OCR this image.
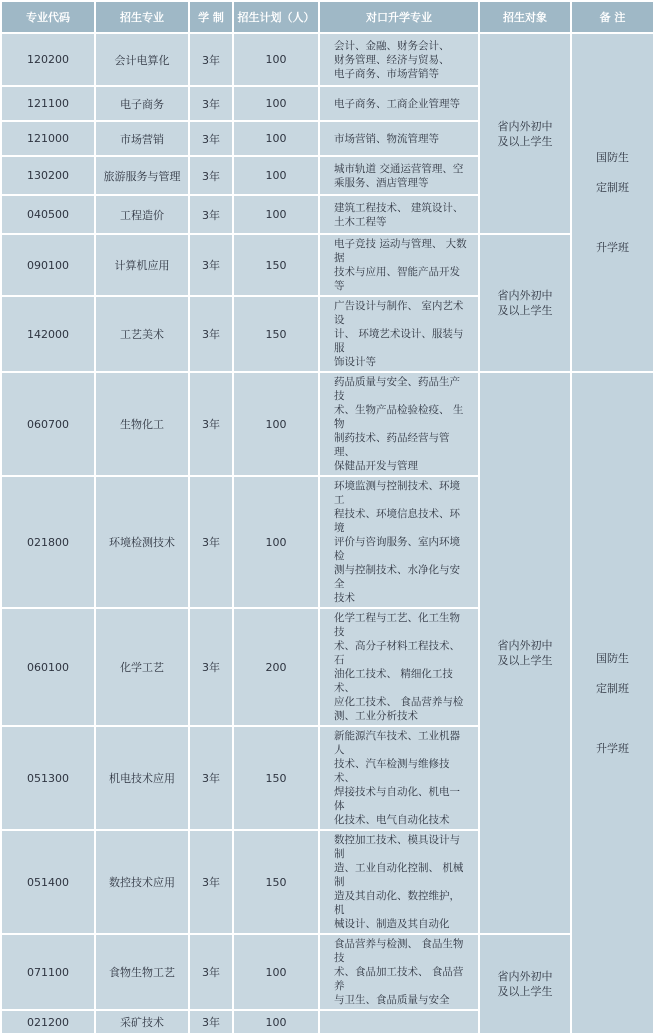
专业代码	招生专业	学 制	招生计划（人）	对口升学专业	招生对象	备 注
120200	会计电算化	3年	100	会计、金融、财务会计、
财务管理、经济与贸易、
电子商务、市场营销等	省内外初中
及以上学生	国防生

定制班

升学班

121100	电子商务	3年	100	电子商务、工商企业管理等		
121000	市场营销	3年	100	市场营销、物流管理等		
130200	旅游服务与管理	3年	100	城市轨道 交通运营管理、空
乘服务、酒店管理等		
040500	工程造价	3年	100	建筑工程技术、 建筑设计、
土木工程等		
090100	计算机应用	3年	150	电子竞技 运动与管理、 大数据
技术与应用、智能产品开发等	省内外初中
及以上学生	
142000	工艺美术	3年	150	广告设计与制作、 室内艺术设
计、 环境艺术设计、服装与服
饰设计等		
060700	生物化工	3年	100	药品质量与安全、药品生产技
术、生物产品检验检疫、 生物
制药技术、药品经营与管理、
保健品开发与管理	省内外初中
及以上学生	国防生

定制班

升学班

021800	环境检测技术	3年	100	环境监测与控制技术、环境工
程技术、环境信息技术、环境
评价与咨询服务、室内环境检
测与控制技术、水净化与安全
技术		
060100	化学工艺	3年	200	化学工程与工艺、化工生物技
术、高分子材料工程技术、石
油化工技术、 精细化工技术、
应化工技术、 食品营养与检
测、工业分析技术		
051300	机电技术应用	3年	150	新能源汽车技术、工业机器人
技术、汽车检测与维修技术、
焊接技术与自动化、机电一体
化技术、电气自动化技术		
051400	数控技术应用	3年	150	数控加工技术、模具设计与制
造、工业自动化控制、 机械制
造及其自动化、数控维护，机
械设计、制造及其自动化		
071100	食物生物工艺	3年	100	食品营养与检测、 食品生物技
术、食品加工技术、 食品营养
与卫生、食品质量与安全	省内外初中
及以上学生	
021200	采矿技术	3年	100			
